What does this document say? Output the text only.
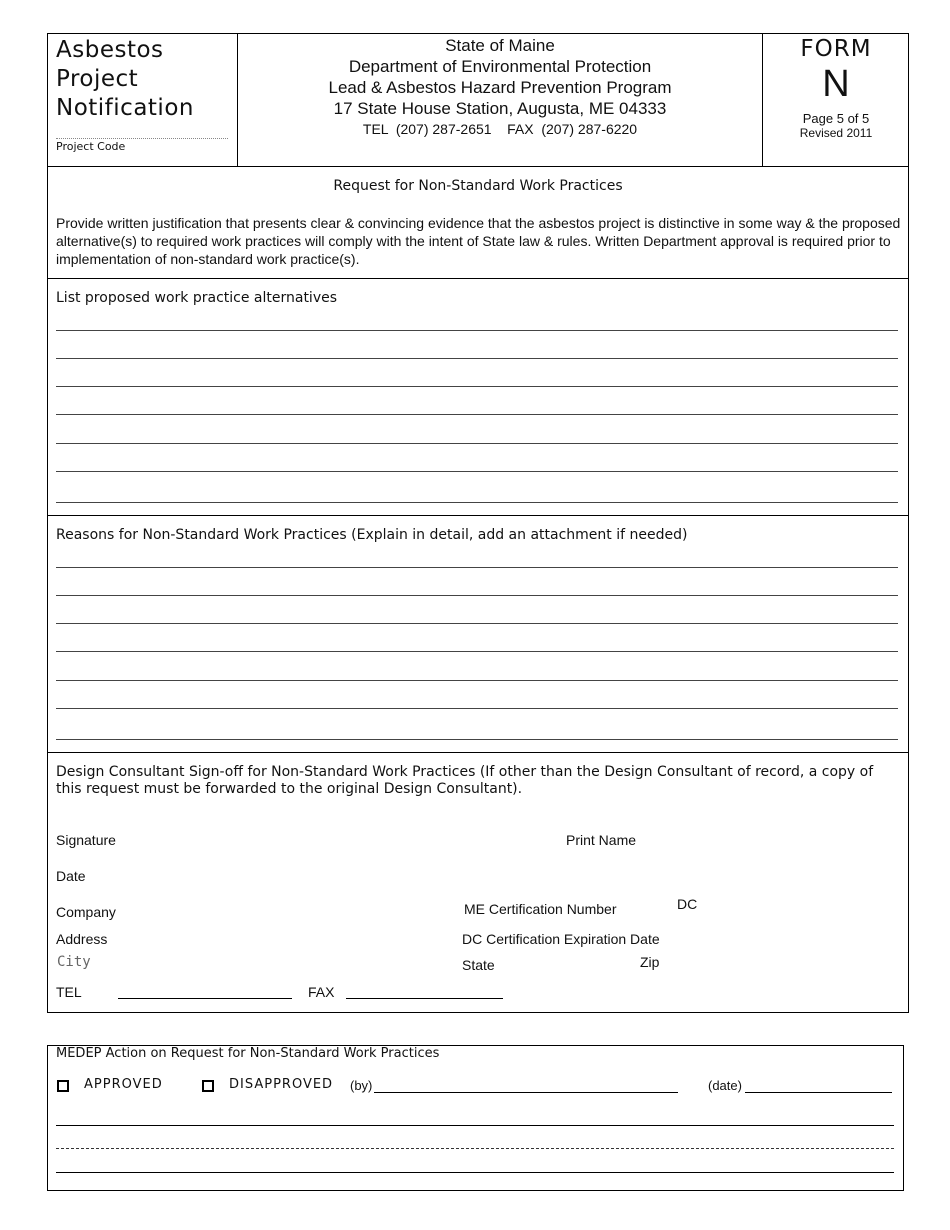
Asbestos
Project
Notification
Project Code
State of Maine
Department of Environmental Protection
Lead & Asbestos Hazard Prevention Program
17 State House Station, Augusta, ME 04333
TEL  (207) 287-2651    FAX  (207) 287-6220
FORM
N
Page 5 of 5
Revised 2011
Request for Non-Standard Work Practices
Provide written justification that presents clear & convincing evidence that the asbestos project is distinctive in some way & the proposed alternative(s) to required work practices will comply with the intent of State law & rules. Written Department approval is required prior to implementation of non-standard work practice(s).
List proposed work practice alternatives
Reasons for Non-Standard Work Practices (Explain in detail, add an attachment if needed)
Design Consultant Sign-off for Non-Standard Work Practices (If other than the Design Consultant of record, a copy of this request must be forwarded to the original Design Consultant).
Signature	Print Name
Date
Company	ME Certification Number	DC
Address	DC Certification Expiration Date
City	State	Zip
TEL	FAX
MEDEP Action on Request for Non-Standard Work Practices
APPROVED	DISAPPROVED (by)	(date)
